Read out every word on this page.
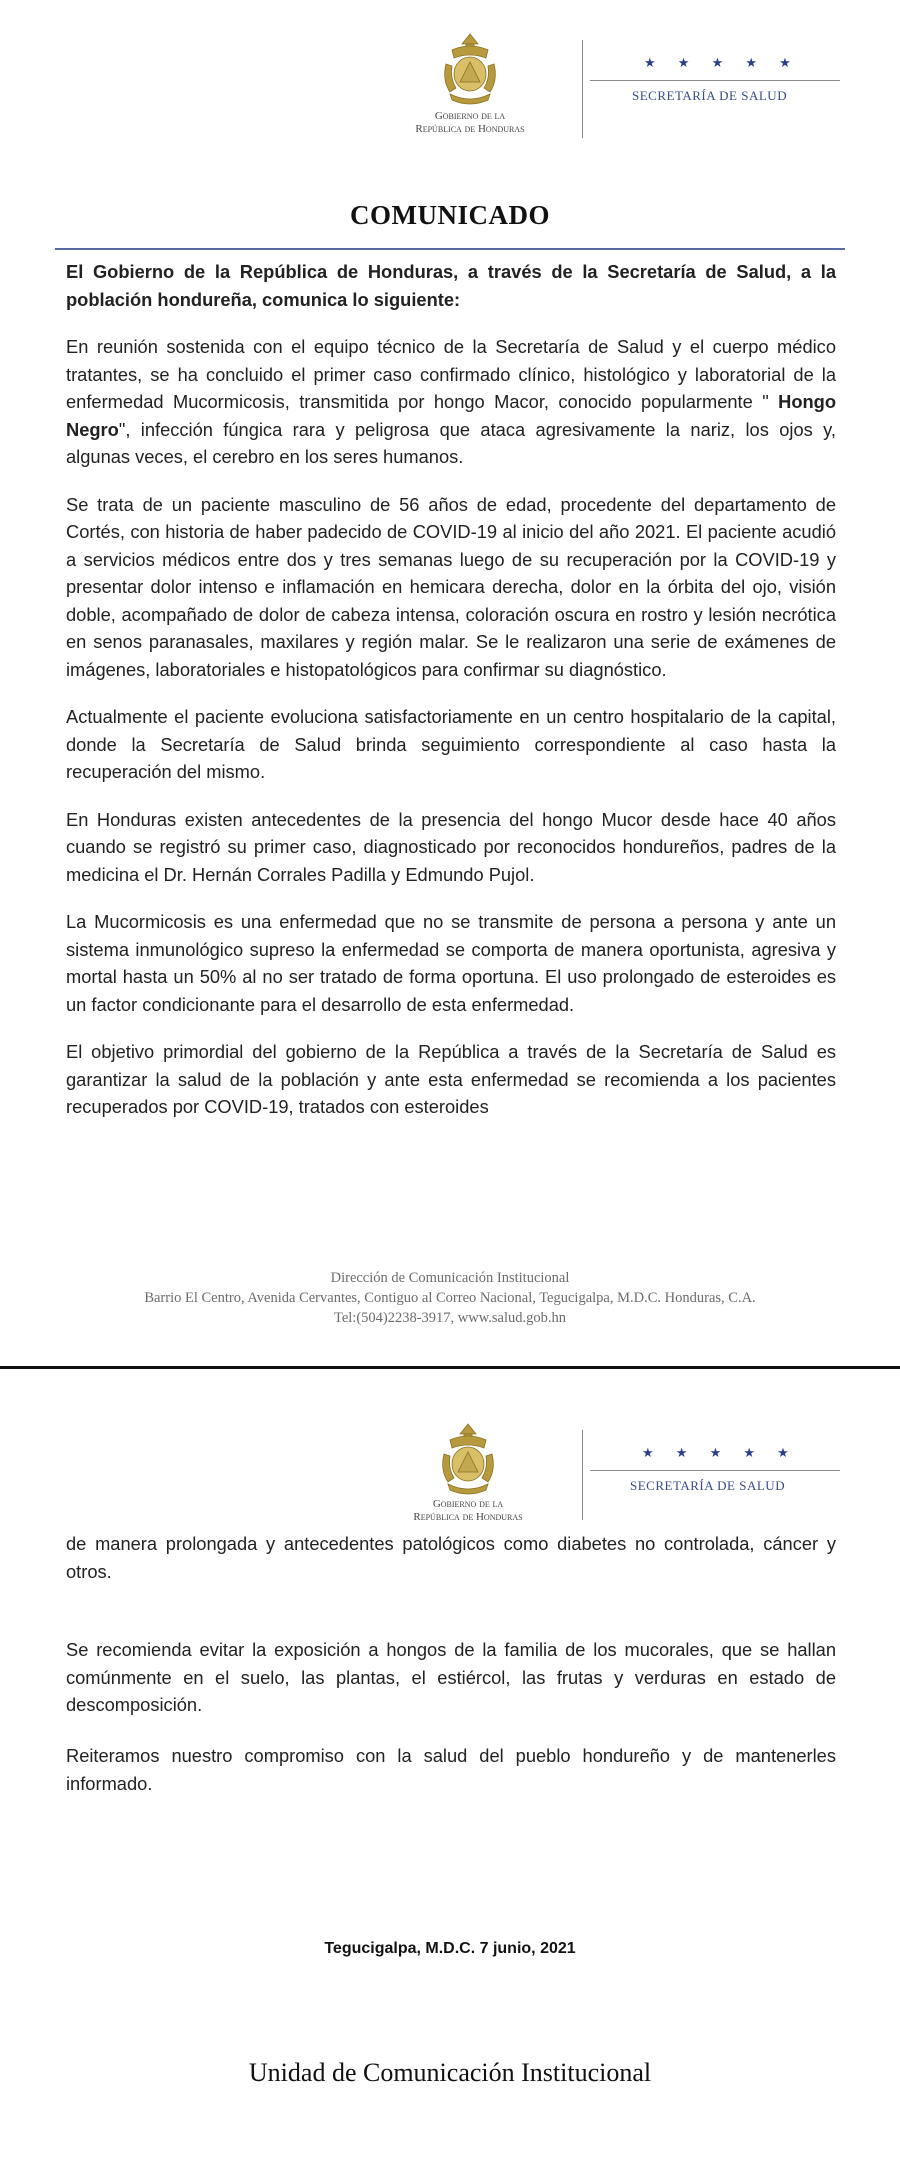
Gobierno de la
República de Honduras
★ ★ ★ ★ ★
SECRETARÍA DE SALUD
COMUNICADO

El Gobierno de la República de Honduras, a través de la Secretaría de Salud, a la población hondureña, comunica lo siguiente:

En reunión sostenida con el equipo técnico de la Secretaría de Salud y el cuerpo médico tratantes, se ha concluido el primer caso confirmado clínico, histológico y laboratorial de la enfermedad Mucormicosis, transmitida por hongo Macor, conocido popularmente " Hongo Negro", infección fúngica rara y peligrosa que ataca agresivamente la nariz, los ojos y, algunas veces, el cerebro en los seres humanos.

Se trata de un paciente masculino de 56 años de edad, procedente del departamento de Cortés, con historia de haber padecido de COVID-19 al inicio del año 2021. El paciente acudió a servicios médicos entre dos y tres semanas luego de su recuperación por la COVID-19 y presentar dolor intenso e inflamación en hemicara derecha, dolor en la órbita del ojo, visión doble, acompañado de dolor de cabeza intensa, coloración oscura en rostro y lesión necrótica en senos paranasales, maxilares y región malar. Se le realizaron una serie de exámenes de imágenes, laboratoriales e histopatológicos para confirmar su diagnóstico.

Actualmente el paciente evoluciona satisfactoriamente en un centro hospitalario de la capital, donde la Secretaría de Salud brinda seguimiento correspondiente al caso hasta la recuperación del mismo.

En Honduras existen antecedentes de la presencia del hongo Mucor desde hace 40 años cuando se registró su primer caso, diagnosticado por reconocidos hondureños, padres de la medicina el Dr. Hernán Corrales Padilla y Edmundo Pujol.

La Mucormicosis es una enfermedad que no se transmite de persona a persona y ante un sistema inmunológico supreso la enfermedad se comporta de manera oportunista, agresiva y mortal hasta un 50% al no ser tratado de forma oportuna. El uso prolongado de esteroides es un factor condicionante para el desarrollo de esta enfermedad.

El objetivo primordial del gobierno de la República a través de la Secretaría de Salud es garantizar la salud de la población y ante esta enfermedad se recomienda a los pacientes recuperados por COVID-19, tratados con esteroides

Dirección de Comunicación Institucional
Barrio El Centro, Avenida Cervantes, Contiguo al Correo Nacional, Tegucigalpa, M.D.C. Honduras, C.A.
Tel:(504)2238-3917, www.salud.gob.hn
Gobierno de la
República de Honduras
★ ★ ★ ★ ★
SECRETARÍA DE SALUD

de manera prolongada y antecedentes patológicos como diabetes no controlada, cáncer y otros.

Se recomienda evitar la exposición a hongos de la familia de los mucorales, que se hallan comúnmente en el suelo, las plantas, el estiércol, las frutas y verduras en estado de descomposición.

Reiteramos nuestro compromiso con la salud del pueblo hondureño y de mantenerles informado.

Tegucigalpa, M.D.C. 7 junio, 2021
Unidad de Comunicación Institucional
